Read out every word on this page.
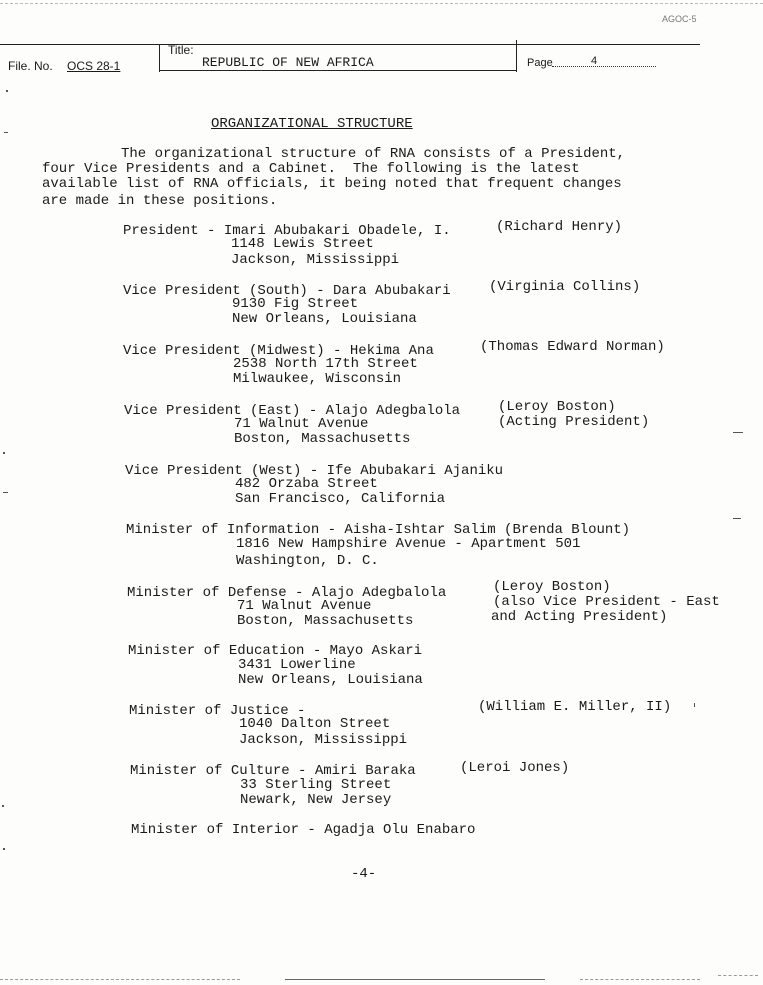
AGOC-5
File. No. OCS 28-1
Title:
REPUBLIC OF NEW AFRICA	Page	4
ORGANIZATIONAL STRUCTURE
The organizational structure of RNA consists of a President,
four Vice Presidents and a Cabinet.  The following is the latest
available list of RNA officials, it being noted that frequent changes
are made in these positions.
President - Imari Abubakari Obadele, I.	(Richard Henry)
1148 Lewis Street
Jackson, Mississippi
Vice President (South) - Dara Abubakari	(Virginia Collins)
9130 Fig Street
New Orleans, Louisiana
Vice President (Midwest) - Hekima Ana	(Thomas Edward Norman)
2538 North 17th Street
Milwaukee, Wisconsin
Vice President (East) - Alajo Adegbalola	(Leroy Boston)
71 Walnut Avenue	(Acting President)
Boston, Massachusetts
Vice President (West) - Ife Abubakari Ajaniku
482 Orzaba Street
San Francisco, California
Minister of Information - Aisha-Ishtar Salim (Brenda Blount)
1816 New Hampshire Avenue - Apartment 501
Washington, D. C.
Minister of Defense - Alajo Adegbalola	(Leroy Boston)
71 Walnut Avenue	(also Vice President - East
Boston, Massachusetts	and Acting President)
Minister of Education - Mayo Askari
3431 Lowerline
New Orleans, Louisiana
Minister of Justice -	(William E. Miller, II)
1040 Dalton Street
Jackson, Mississippi
Minister of Culture - Amiri Baraka	(Leroi Jones)
33 Sterling Street
Newark, New Jersey
Minister of Interior - Agadja Olu Enabaro
-4-
